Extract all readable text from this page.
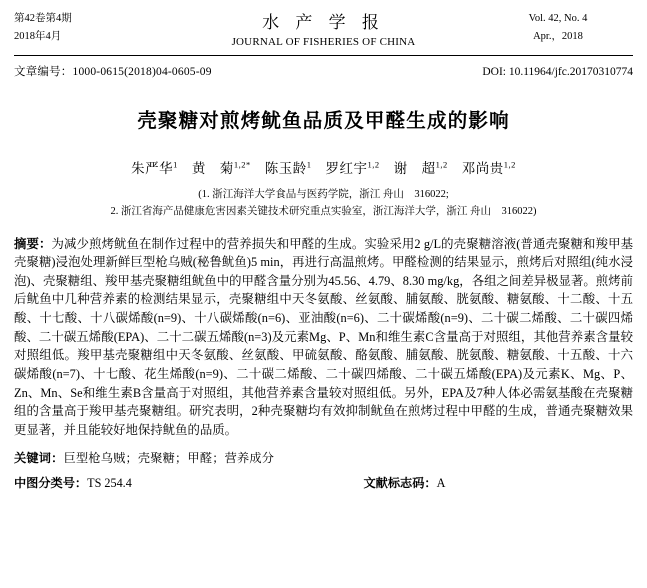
第42卷第4期
2018年4月
水 产 学 报
JOURNAL OF FISHERIES OF CHINA
Vol. 42, No. 4
Apr.，2018
文章编号：1000-0615(2018)04-0605-09	DOI: 10.11964/jfc.20170310774
壳聚糖对煎烤鱿鱼品质及甲醛生成的影响
朱严华$^1$ 黄　菊$^{1,2*}$ 陈玉龄$^1$ 罗红宇$^{1,2}$ 谢　超$^{1,2}$ 邓尚贵$^{1,2}$
(1. 浙江海洋大学食品与医药学院，浙江 舟山　316022;
2. 浙江省海产品健康危害因素关键技术研究重点实验室，浙江海洋大学，浙江 舟山　316022)
摘要：为减少煎烤鱿鱼在制作过程中的营养损失和甲醛的生成。实验采用2 g/L的壳聚糖溶液(普通壳聚糖和羧甲基壳聚糖)浸泡处理新鲜巨型枪乌贼(秘鲁鱿鱼)5 min，再进行高温煎烤。甲醛检测的结果显示，煎烤后对照组(纯水浸泡)、壳聚糖组、羧甲基壳聚糖组鱿鱼中的甲醛含量分别为45.56、4.79、8.30 mg/kg，各组之间差异极显著。煎烤前后鱿鱼中几种营养素的检测结果显示，壳聚糖组中天冬氨酸、丝氨酸、脯氨酸、胱氨酸、糖氨酸、十二酸、十五酸、十七酸、十八碳烯酸(n=9)、十八碳烯酸(n=6)、亚油酸(n=6)、二十碳烯酸(n=9)、二十碳二烯酸、二十碳四烯酸、二十碳五烯酸(EPA)、二十二碳五烯酸(n=3)及元素Mg、P、Mn和维生素C含量高于对照组，其他营养素含量较对照组低。羧甲基壳聚糖组中天冬氨酸、丝氨酸、甲硫氨酸、酪氨酸、脯氨酸、胱氨酸、糖氨酸、十五酸、十六碳烯酸(n=7)、十七酸、花生烯酸(n=9)、二十碳二烯酸、二十碳四烯酸、二十碳五烯酸(EPA)及元素K、Mg、P、Zn、Mn、Se和维生素B含量高于对照组，其他营养素含量较对照组低。另外，EPA及7种人体必需氨基酸在壳聚糖组的含量高于羧甲基壳聚糖组。研究表明，2种壳聚糖均有效抑制鱿鱼在煎烤过程中甲醛的生成，普通壳聚糖效果更显著，并且能较好地保持鱿鱼的品质。
关键词：巨型枪乌贼；壳聚糖；甲醛；营养成分
中图分类号：TS 254.4	文献标志码：A
